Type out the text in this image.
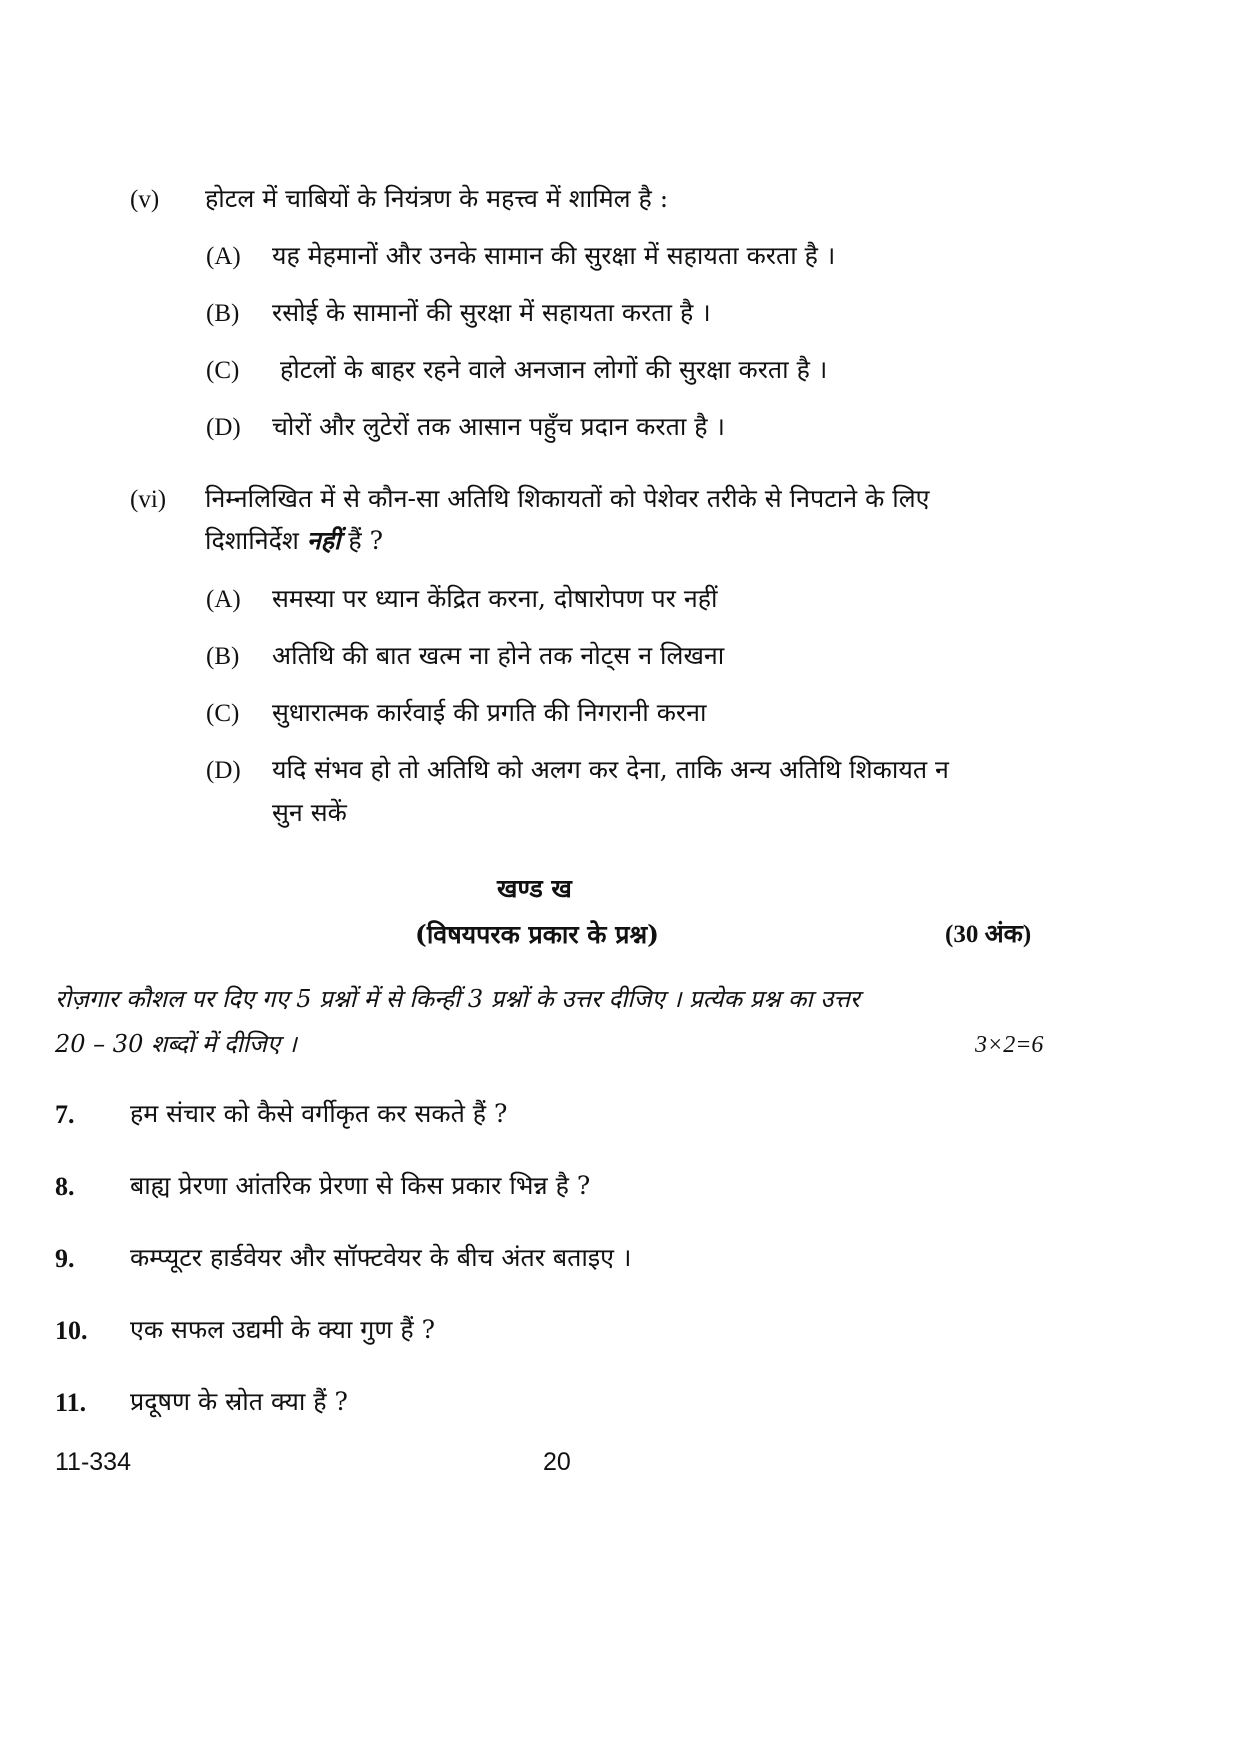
(v) होटल में चाबियों के नियंत्रण के महत्त्व में शामिल है :
(A) यह मेहमानों और उनके सामान की सुरक्षा में सहायता करता है ।
(B) रसोई के सामानों की सुरक्षा में सहायता करता है ।
(C) होटलों के बाहर रहने वाले अनजान लोगों की सुरक्षा करता है ।
(D) चोरों और लुटेरों तक आसान पहुँच प्रदान करता है ।
(vi) निम्नलिखित में से कौन-सा अतिथि शिकायतों को पेशेवर तरीके से निपटाने के लिए
दिशानिर्देश नहीं हैं ?
(A) समस्या पर ध्यान केंद्रित करना, दोषारोपण पर नहीं
(B) अतिथि की बात खत्म ना होने तक नोट्स न लिखना
(C) सुधारात्मक कार्रवाई की प्रगति की निगरानी करना
(D) यदि संभव हो तो अतिथि को अलग कर देना, ताकि अन्य अतिथि शिकायत न
सुन सकें
खण्ड ख
(विषयपरक प्रकार के प्रश्न)	(30 अंक)
रोज़गार कौशल पर दिए गए 5 प्रश्नों में से किन्हीं 3 प्रश्नों के उत्तर दीजिए । प्रत्येक प्रश्न का उत्तर
20 – 30 शब्दों में दीजिए ।	3×2=6
7. हम संचार को कैसे वर्गीकृत कर सकते हैं ?
8. बाह्य प्रेरणा आंतरिक प्रेरणा से किस प्रकार भिन्न है ?
9. कम्प्यूटर हार्डवेयर और सॉफ्टवेयर के बीच अंतर बताइए ।
10. एक सफल उद्यमी के क्या गुण हैं ?
11. प्रदूषण के स्रोत क्या हैं ?
11-334	20
